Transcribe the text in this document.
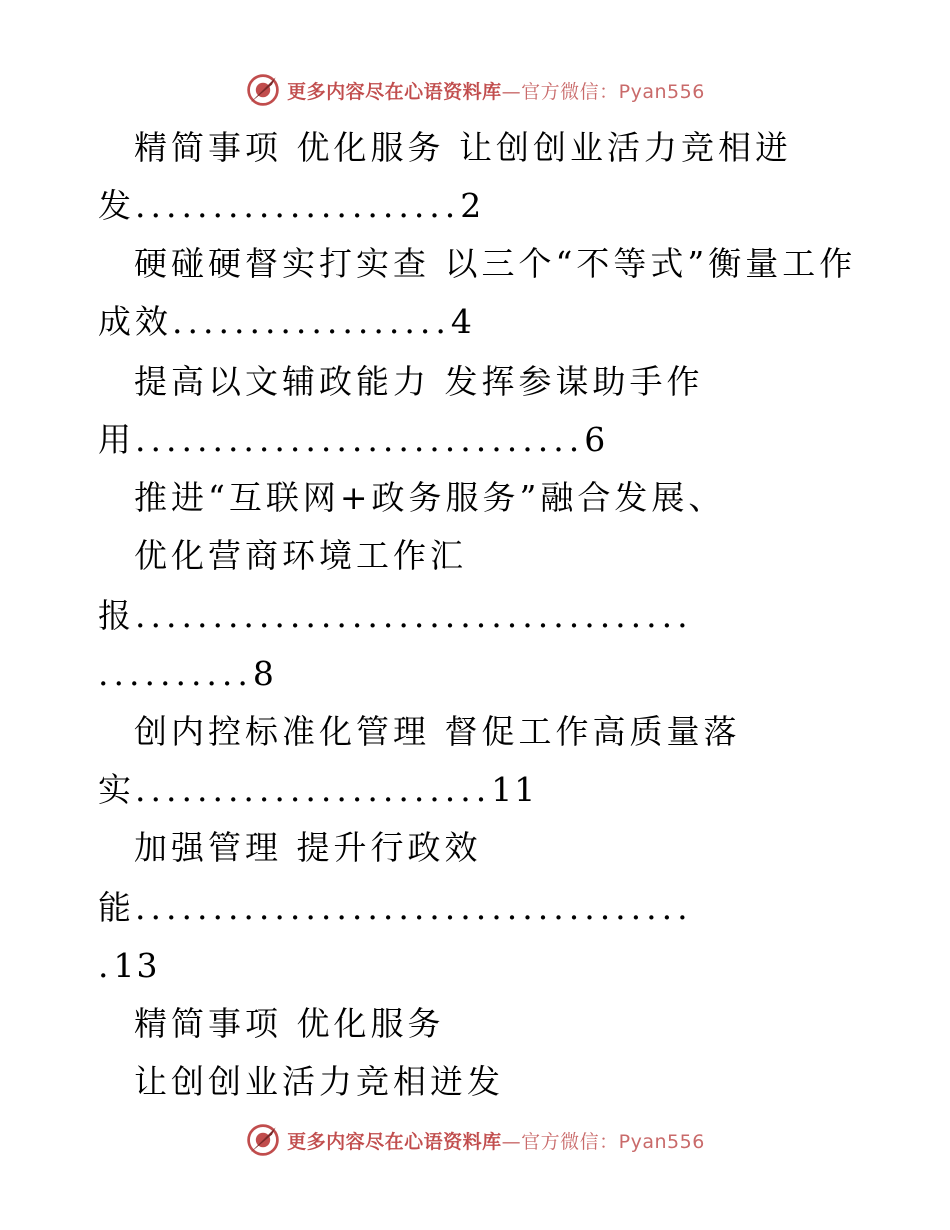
更多内容尽在心语资料库—官方微信：Pyan556
精简事项 优化服务 让创创业活力竞相迸
发.....................2
硬碰硬督实打实查 以三个“不等式”衡量工作
成效..................4
提高以文辅政能力 发挥参谋助手作
用.............................6
推进“互联网+政务服务”融合发展、
优化营商环境工作汇
报....................................
..........8
创内控标准化管理 督促工作高质量落
实.......................11
加强管理 提升行政效
能....................................
.13
精简事项 优化服务
让创创业活力竞相迸发
更多内容尽在心语资料库—官方微信：Pyan556
